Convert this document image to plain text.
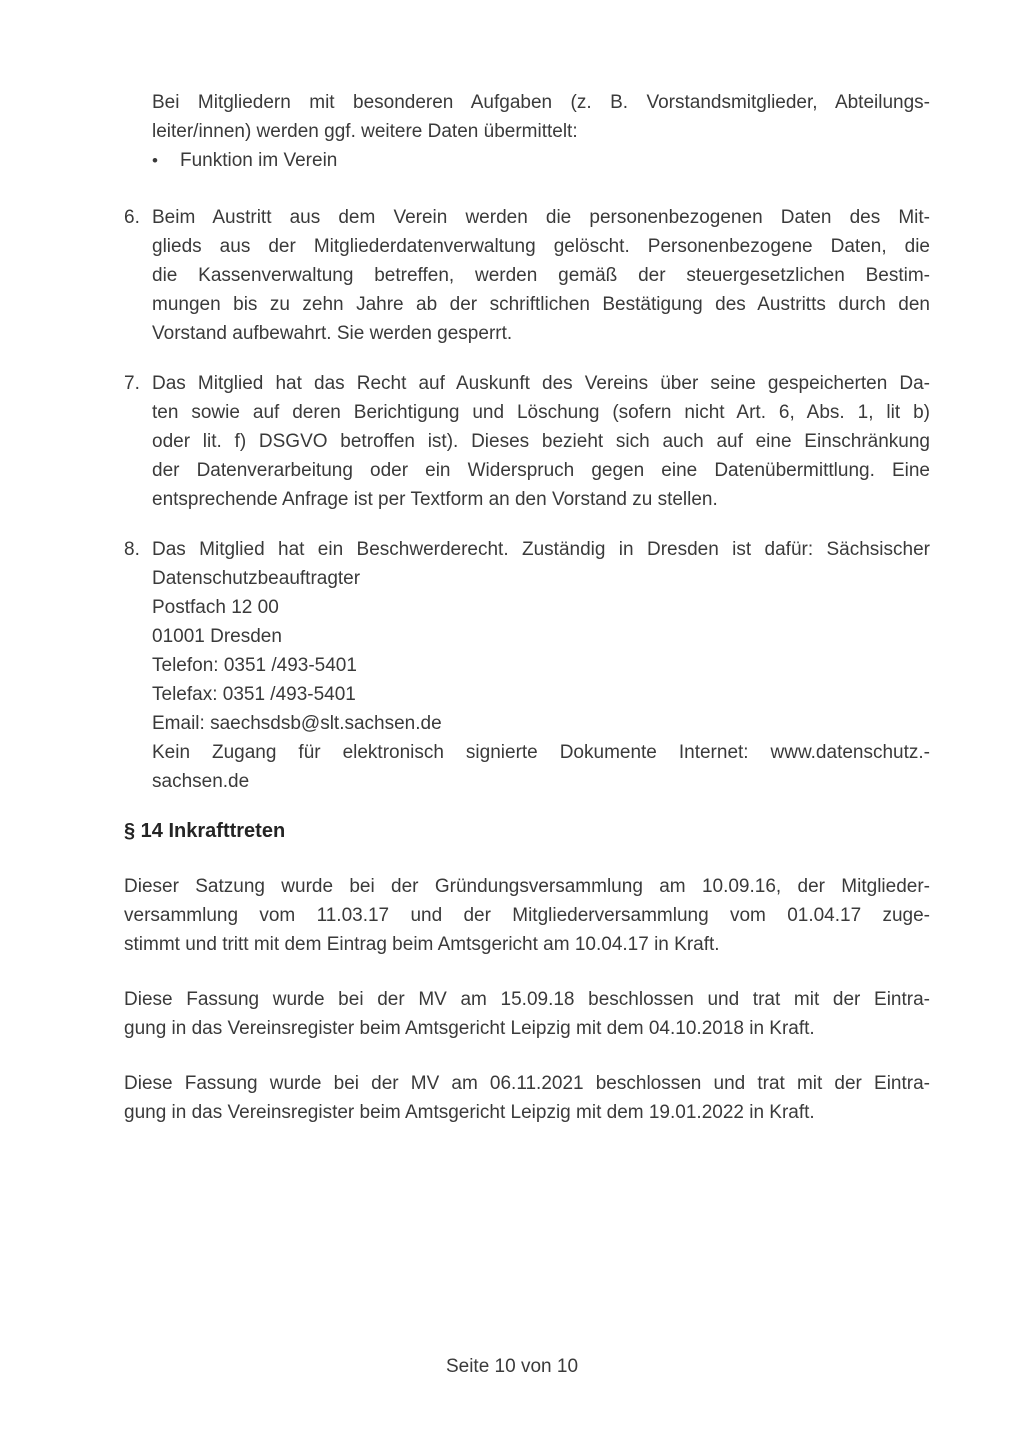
Bei Mitgliedern mit besonderen Aufgaben (z. B. Vorstandsmitglieder, Abteilungs-
leiter/innen) werden ggf. weitere Daten übermittelt:
•	Funktion im Verein
6. Beim Austritt aus dem Verein werden die personenbezogenen Daten des Mit-
glieds aus der Mitgliederdatenverwaltung gelöscht. Personenbezogene Daten, die
die Kassenverwaltung betreffen, werden gemäß der steuergesetzlichen Bestim-
mungen bis zu zehn Jahre ab der schriftlichen Bestätigung des Austritts durch den
Vorstand aufbewahrt. Sie werden gesperrt.
7. Das Mitglied hat das Recht auf Auskunft des Vereins über seine gespeicherten Da-
ten sowie auf deren Berichtigung und Löschung (sofern nicht Art. 6, Abs. 1, lit b)
oder lit. f) DSGVO betroffen ist). Dieses bezieht sich auch auf eine Einschränkung
der Datenverarbeitung oder ein Widerspruch gegen eine Datenübermittlung. Eine
entsprechende Anfrage ist per Textform an den Vorstand zu stellen.
8. Das Mitglied hat ein Beschwerderecht. Zuständig in Dresden ist dafür: Sächsischer
Datenschutzbeauftragter
Postfach 12 00
01001 Dresden
Telefon: 0351 /493-5401
Telefax: 0351 /493-5401
Email: saechsdsb@slt.sachsen.de
Kein Zugang für elektronisch signierte Dokumente Internet: www.datenschutz.-
sachsen.de
§ 14 Inkrafttreten
Dieser Satzung wurde bei der Gründungsversammlung am 10.09.16, der Mitglieder-
versammlung vom 11.03.17 und der Mitgliederversammlung vom 01.04.17 zuge-
stimmt und tritt mit dem Eintrag beim Amtsgericht am 10.04.17 in Kraft.
Diese Fassung wurde bei der MV am 15.09.18 beschlossen und trat mit der Eintra-
gung in das Vereinsregister beim Amtsgericht Leipzig mit dem 04.10.2018 in Kraft.
Diese Fassung wurde bei der MV am 06.11.2021 beschlossen und trat mit der Eintra-
gung in das Vereinsregister beim Amtsgericht Leipzig mit dem 19.01.2022 in Kraft.
Seite 10 von 10
